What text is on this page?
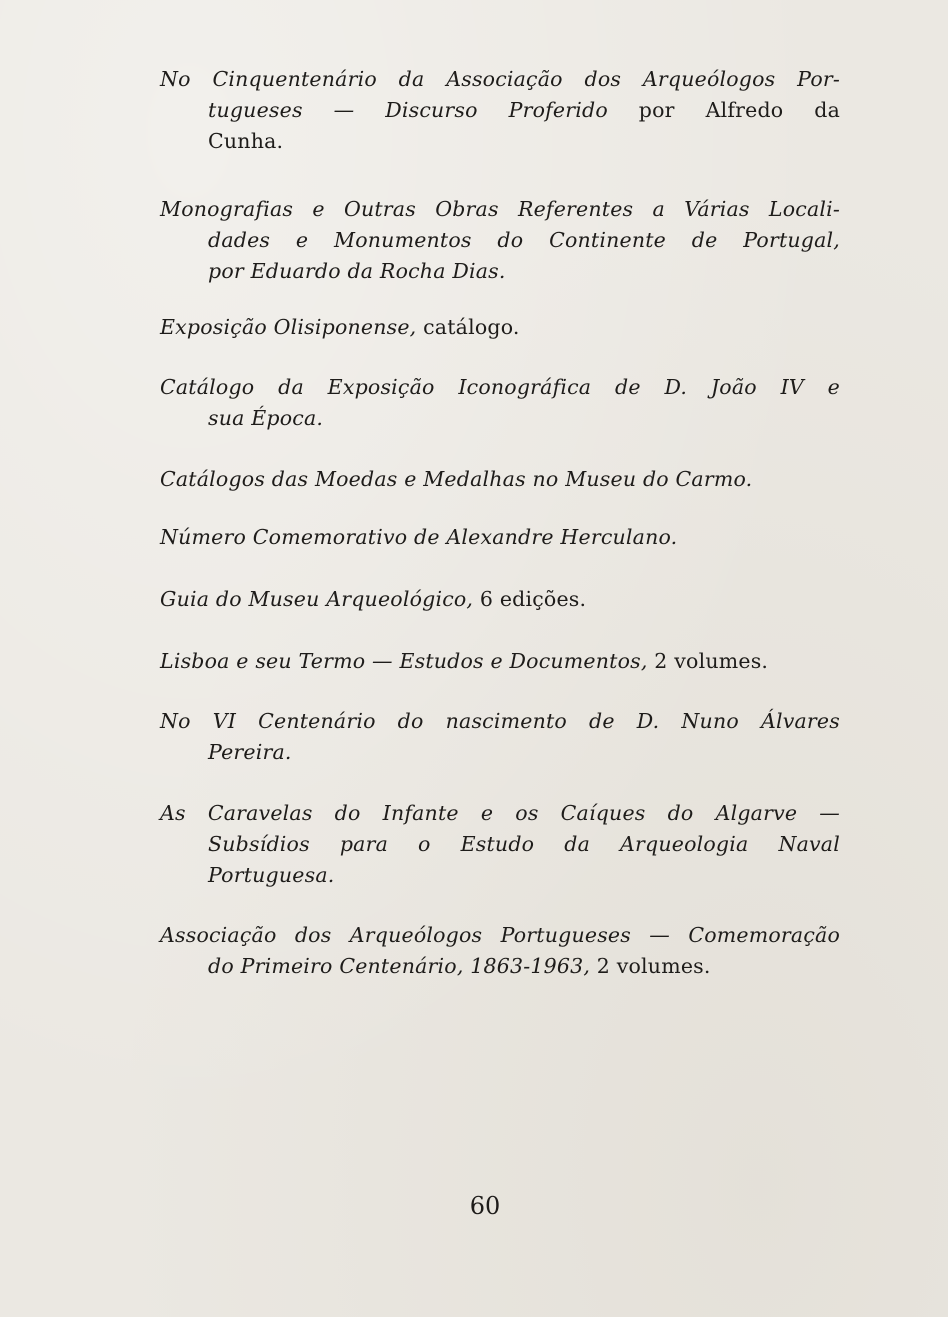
No Cinquentenário da Associação dos Arqueólogos Por-
tugueses — Discurso Proferido por Alfredo da
Cunha.
Monografias e Outras Obras Referentes a Várias Locali-
dades e Monumentos do Continente de Portugal,
por Eduardo da Rocha Dias.
Exposição Olisiponense, catálogo.
Catálogo da Exposição Iconográfica de D. João IV e
sua Época.
Catálogos das Moedas e Medalhas no Museu do Carmo.
Número Comemorativo de Alexandre Herculano.
Guia do Museu Arqueológico, 6 edições.
Lisboa e seu Termo — Estudos e Documentos, 2 volumes.
No VI Centenário do nascimento de D. Nuno Álvares
Pereira.
As Caravelas do Infante e os Caíques do Algarve —
Subsídios para o Estudo da Arqueologia Naval
Portuguesa.
Associação dos Arqueólogos Portugueses — Comemoração
do Primeiro Centenário, 1863-1963, 2 volumes.
60
